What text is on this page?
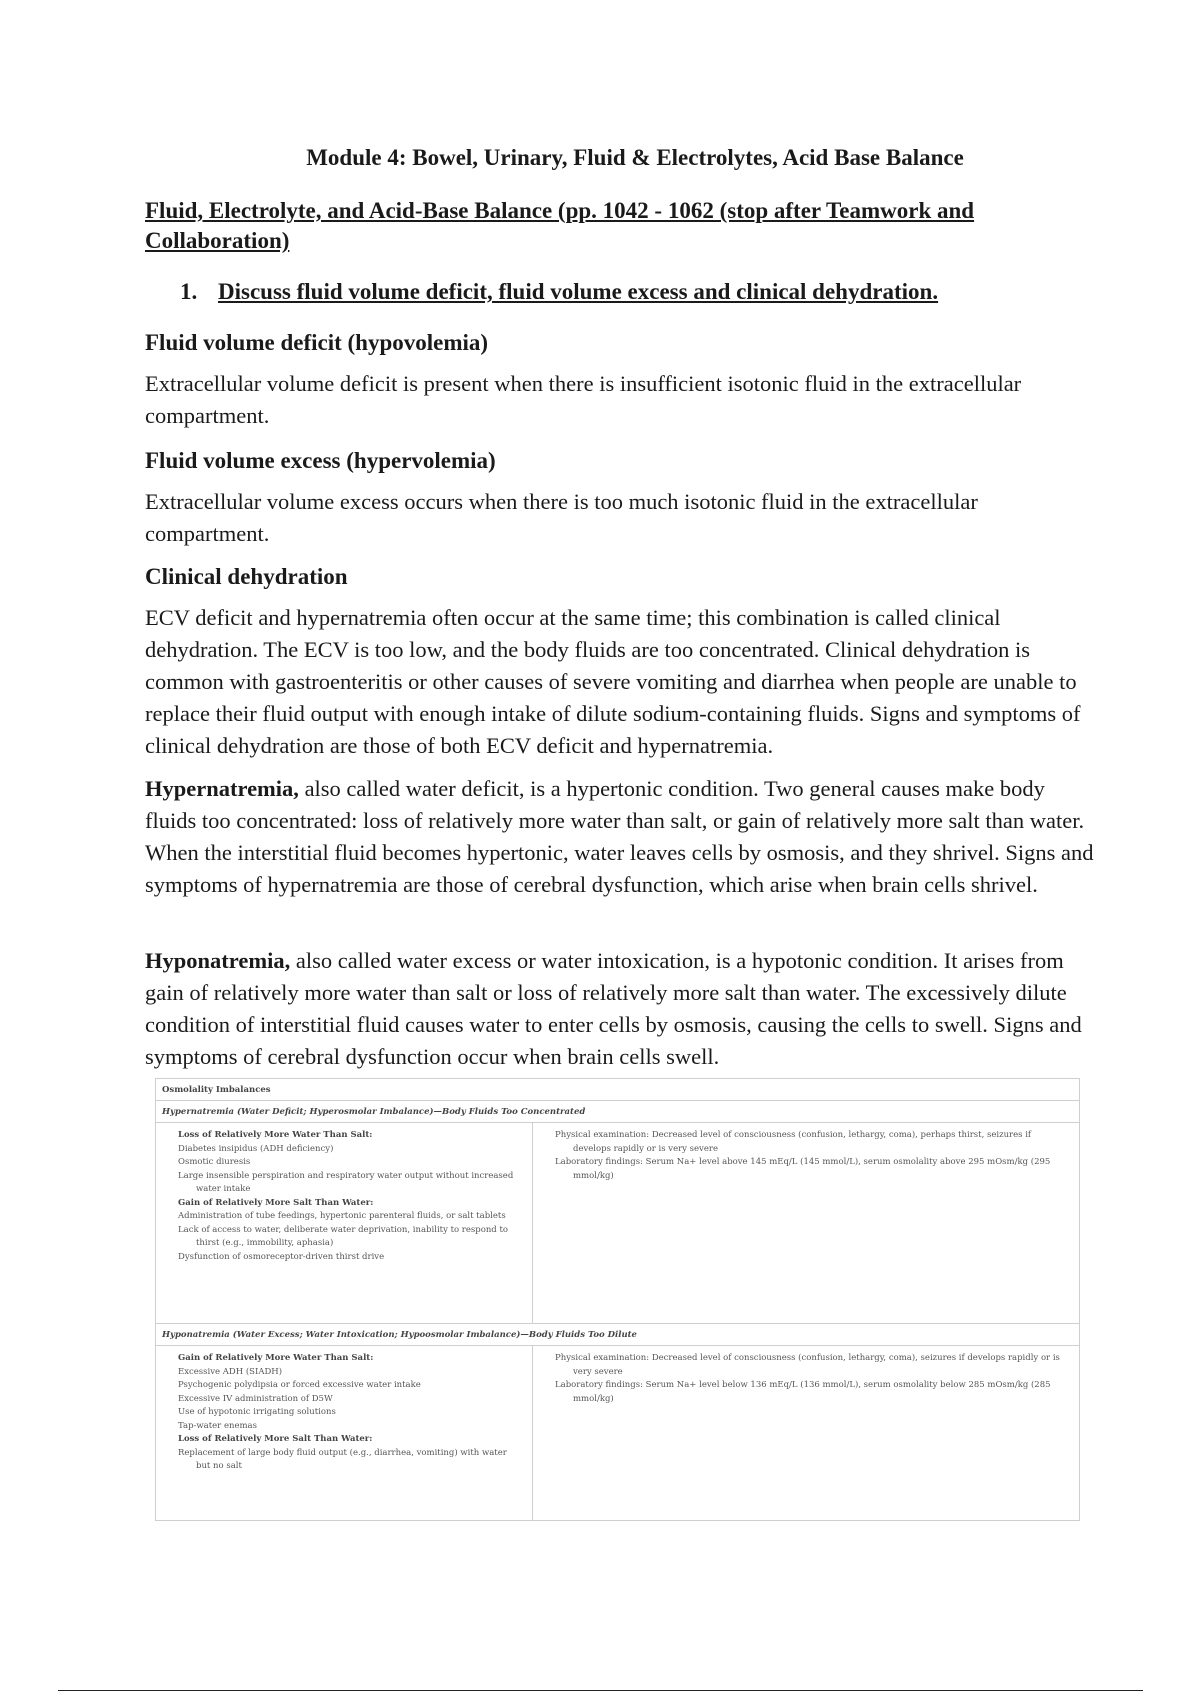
Module 4: Bowel, Urinary, Fluid & Electrolytes, Acid Base Balance
Fluid, Electrolyte, and Acid-Base Balance (pp. 1042 - 1062 (stop after Teamwork and Collaboration)
1. Discuss fluid volume deficit, fluid volume excess and clinical dehydration.
Fluid volume deficit (hypovolemia)
Extracellular volume deficit is present when there is insufficient isotonic fluid in the extracellular compartment.
Fluid volume excess (hypervolemia)
Extracellular volume excess occurs when there is too much isotonic fluid in the extracellular compartment.
Clinical dehydration
ECV deficit and hypernatremia often occur at the same time; this combination is called clinical dehydration. The ECV is too low, and the body fluids are too concentrated. Clinical dehydration is common with gastroenteritis or other causes of severe vomiting and diarrhea when people are unable to replace their fluid output with enough intake of dilute sodium-containing fluids. Signs and symptoms of clinical dehydration are those of both ECV deficit and hypernatremia.
Hypernatremia, also called water deficit, is a hypertonic condition. Two general causes make body fluids too concentrated: loss of relatively more water than salt, or gain of relatively more salt than water. When the interstitial fluid becomes hypertonic, water leaves cells by osmosis, and they shrivel. Signs and symptoms of hypernatremia are those of cerebral dysfunction, which arise when brain cells shrivel.
Hyponatremia, also called water excess or water intoxication, is a hypotonic condition. It arises from gain of relatively more water than salt or loss of relatively more salt than water. The excessively dilute condition of interstitial fluid causes water to enter cells by osmosis, causing the cells to swell. Signs and symptoms of cerebral dysfunction occur when brain cells swell.
Osmolality Imbalances
Hypernatremia (Water Deficit; Hyperosmolar Imbalance)—Body Fluids Too Concentrated
Loss of Relatively More Water Than Salt:
Diabetes insipidus (ADH deficiency)
Osmotic diuresis
Large insensible perspiration and respiratory water output without increased water intake
Gain of Relatively More Salt Than Water:
Administration of tube feedings, hypertonic parenteral fluids, or salt tablets
Lack of access to water, deliberate water deprivation, inability to respond to thirst (e.g., immobility, aphasia)
Dysfunction of osmoreceptor-driven thirst drive
Physical examination: Decreased level of consciousness (confusion, lethargy, coma), perhaps thirst, seizures if develops rapidly or is very severe
Laboratory findings: Serum Na+ level above 145 mEq/L (145 mmol/L), serum osmolality above 295 mOsm/kg (295 mmol/kg)
Hyponatremia (Water Excess; Water Intoxication; Hypoosmolar Imbalance)—Body Fluids Too Dilute
Gain of Relatively More Water Than Salt:
Excessive ADH (SIADH)
Psychogenic polydipsia or forced excessive water intake
Excessive IV administration of D5W
Use of hypotonic irrigating solutions
Tap-water enemas
Loss of Relatively More Salt Than Water:
Replacement of large body fluid output (e.g., diarrhea, vomiting) with water but no salt
Physical examination: Decreased level of consciousness (confusion, lethargy, coma), seizures if develops rapidly or is very severe
Laboratory findings: Serum Na+ level below 136 mEq/L (136 mmol/L), serum osmolality below 285 mOsm/kg (285 mmol/kg)
